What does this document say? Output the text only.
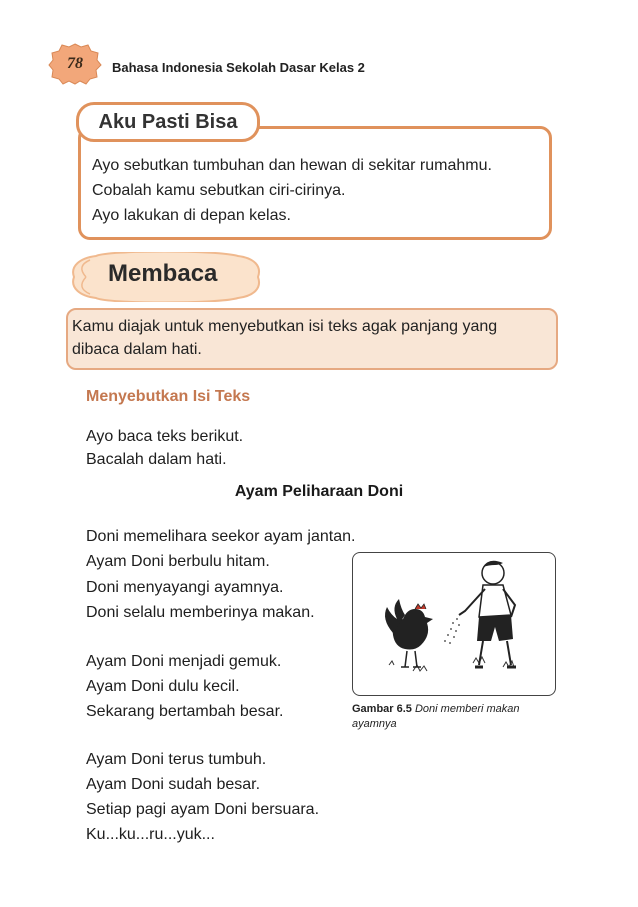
78 Bahasa Indonesia Sekolah Dasar Kelas 2
Aku Pasti Bisa
Ayo sebutkan tumbuhan dan hewan di sekitar rumahmu.
Cobalah kamu sebutkan ciri-cirinya.
Ayo lakukan di depan kelas.
Membaca
Kamu diajak untuk menyebutkan isi teks agak panjang yang
dibaca dalam hati.
Menyebutkan Isi Teks
Ayo baca teks berikut.
Bacalah dalam hati.
Ayam Peliharaan Doni
Doni memelihara seekor ayam jantan.
Ayam Doni berbulu hitam.
Doni menyayangi ayamnya.
Doni selalu memberinya makan.
Ayam Doni menjadi gemuk.
Ayam Doni dulu kecil.
Sekarang bertambah besar.
Ayam Doni terus tumbuh.
Ayam Doni sudah besar.
Setiap pagi ayam Doni bersuara.
Ku...ku...ru...yuk...
Gambar 6.5 Doni memberi makan
ayamnya
